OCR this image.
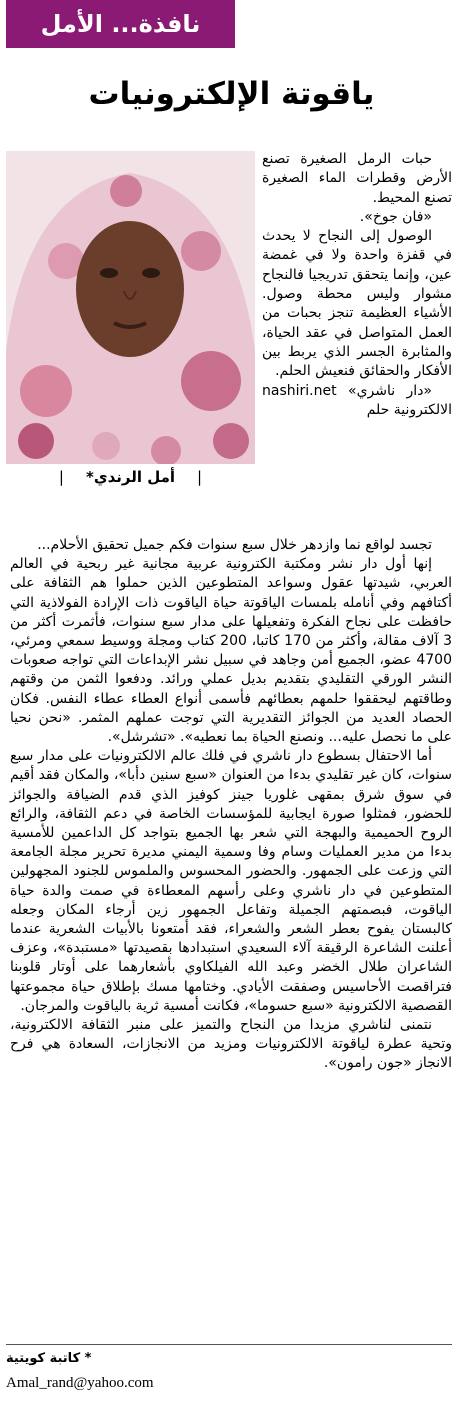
نافذة... الأمل
ياقوتة الإلكترونيات
|
أمل الرندي*
|

حبات الرمل الصغيرة تصنع الأرض وقطرات الماء الصغيرة تصنع المحيط.

«فان جوخ».

الوصول إلى النجاح لا يحدث في قفزة واحدة ولا في غمضة عين، وإنما يتحقق تدريجيا فالنجاح مشوار وليس محطة وصول. الأشياء العظيمة تنجز بحبات من العمل المتواصل في عقد الحياة، والمثابرة الجسر الذي يربط بين الأفكار والحقائق فنعيش الحلم.

«دار ناشري» nashiri.net الالكترونية حلم

تجسد لواقع نما وازدهر خلال سبع سنوات فكم جميل تحقيق الأحلام...

إنها أول دار نشر ومكتبة الكترونية عربية مجانية غير ربحية في العالم العربي، شيدتها عقول وسواعد المتطوعين الذين حملوا هم الثقافة على أكتافهم وفي أنامله بلمسات الياقوتة حياة الياقوت ذات الإرادة الفولاذية التي حافظت على نجاح الفكرة وتفعيلها على مدار سبع سنوات، فأثمرت أكثر من 3 آلاف مقالة، وأكثر من 170 كاتبا، 200 كتاب ومجلة ووسيط سمعي ومرئي، 4700 عضو، الجميع أمن وجاهد في سبيل نشر الإبداعات التي تواجه صعوبات النشر الورقي التقليدي بتقديم بديل عملي ورائد. ودفعوا الثمن من وقتهم وطاقتهم ليحققوا حلمهم بعطائهم فأسمى أنواع العطاء عطاء النفس. فكان الحصاد العديد من الجوائز التقديرية التي توجت عملهم المثمر. «نحن نحيا على ما نحصل عليه... ونصنع الحياة بما نعطيه». «تشرشل».

أما الاحتفال بسطوع دار ناشري في فلك عالم الالكترونيات على مدار سبع سنوات، كان غير تقليدي بدءا من العنوان «سبع سنين دأبا»، والمكان فقد أقيم في سوق شرق بمقهى غلوريا جينز كوفيز الذي قدم الضيافة والجوائز للحضور، فمثلوا صورة ايجابية للمؤسسات الخاصة في دعم الثقافة، والرائع الروح الحميمية والبهجة التي شعر بها الجميع بتواجد كل الداعمين للأمسية بدءا من مدير العمليات وسام وفا وسمية اليمني مديرة تحرير مجلة الجامعة التي وزعت على الجمهور. والحضور المحسوس والملموس للجنود المجهولين المتطوعين في دار ناشري وعلى رأسهم المعطاءة في صمت والدة حياة الياقوت، فبصمتهم الجميلة وتفاعل الجمهور زين أرجاء المكان وجعله كالبستان يفوح بعطر الشعر والشعراء، فقد أمتعونا بالأبيات الشعرية عندما أعلنت الشاعرة الرقيقة آلاء السعيدي استبدادها بقصيدتها «مستبدة»، وعزف الشاعران طلال الخضر وعبد الله الفيلكاوي بأشعارهما على أوتار قلوبنا فتراقصت الأحاسيس وصفقت الأيادي. وختامها مسك بإطلاق حياة مجموعتها القصصية الالكترونية «سبع حسوما»، فكانت أمسية ثرية بالياقوت والمرجان.

نتمنى لناشري مزيدا من النجاح والتميز على منبر الثقافة الالكترونية، وتحية عطرة لياقوتة الالكترونيات ومزيد من الانجازات، السعادة هي فرح الانجاز «جون رامون».

* كاتبة كويتية
Amal_rand@yahoo.com
